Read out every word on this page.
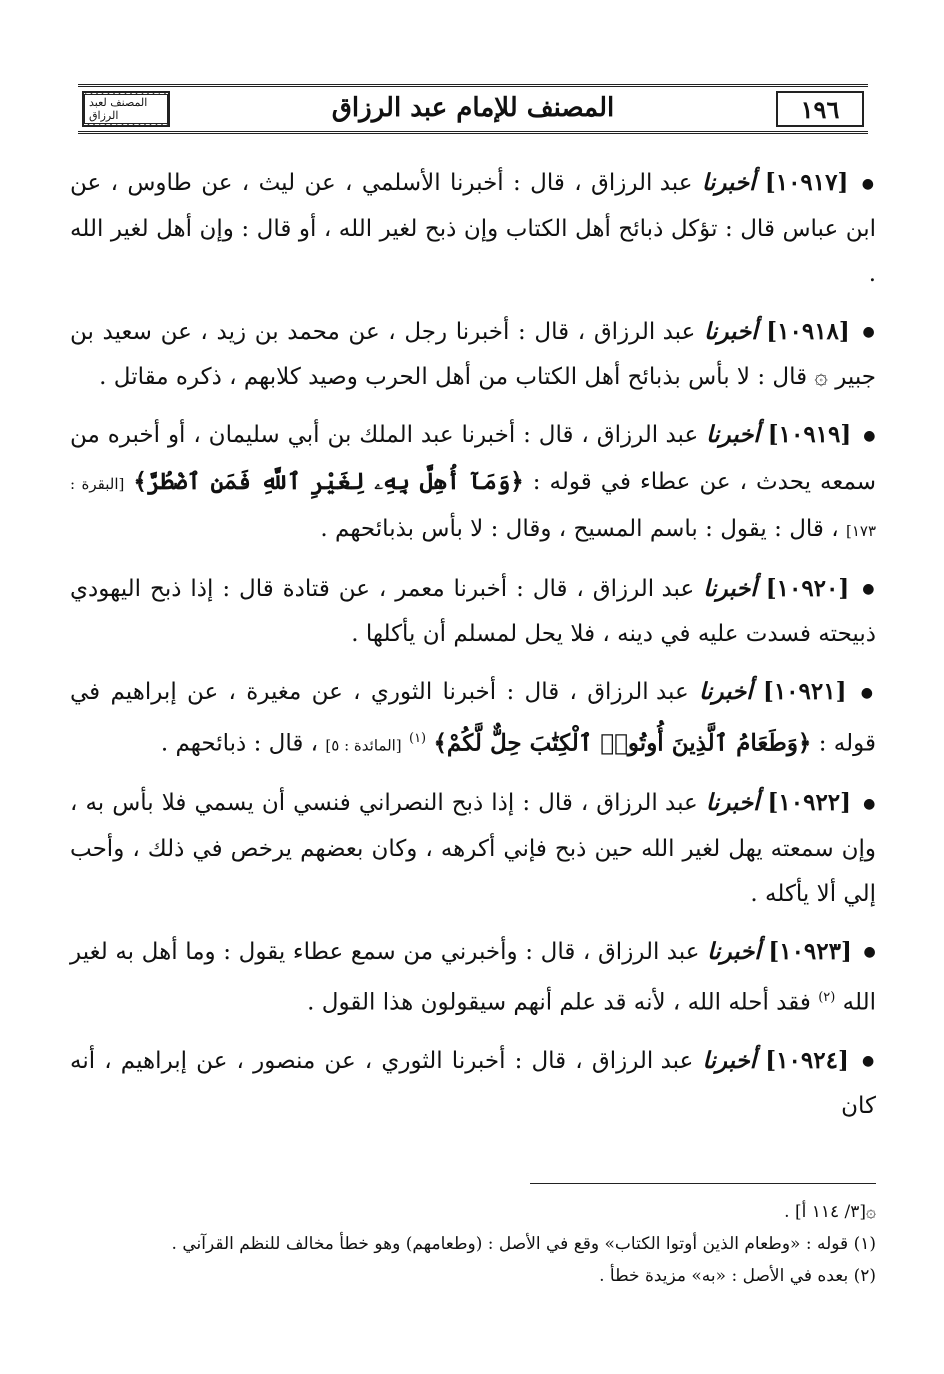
المصنف لعبد الرزاق	المصنف للإمام عبد الرزاق	١٩٦

● [١٠٩١٧] أخبرنا عبد الرزاق ، قال : أخبرنا الأسلمي ، عن ليث ، عن طاوس ، عن ابن عباس قال : تؤكل ذبائح أهل الكتاب وإن ذبح لغير الله ، أو قال : وإن أهل لغير الله .

● [١٠٩١٨] أخبرنا عبد الرزاق ، قال : أخبرنا رجل ، عن محمد بن زيد ، عن سعيد بن جبير ۞ قال : لا بأس بذبائح أهل الكتاب من أهل الحرب وصيد كلابهم ، ذكره مقاتل .

● [١٠٩١٩] أخبرنا عبد الرزاق ، قال : أخبرنا عبد الملك بن أبي سليمان ، أو أخبره من سمعه يحدث ، عن عطاء في قوله : ﴿وَمَآ أُهِلَّ بِهِۦ لِغَيْرِ ٱللَّهِ فَمَنِ ٱضْطُرَّ﴾ [البقرة : ١٧٣] ، قال : يقول : باسم المسيح ، وقال : لا بأس بذبائحهم .

● [١٠٩٢٠] أخبرنا عبد الرزاق ، قال : أخبرنا معمر ، عن قتادة قال : إذا ذبح اليهودي ذبيحته فسدت عليه في دينه ، فلا يحل لمسلم أن يأكلها .

● [١٠٩٢١] أخبرنا عبد الرزاق ، قال : أخبرنا الثوري ، عن مغيرة ، عن إبراهيم في قوله : ﴿وَطَعَامُ ٱلَّذِينَ أُوتُوا۟ ٱلْكِتَٰبَ حِلٌّ لَّكُمْ﴾ $^{(١)}$ [المائدة : ٥] ، قال : ذبائحهم .

● [١٠٩٢٢] أخبرنا عبد الرزاق ، قال : إذا ذبح النصراني فنسي أن يسمي فلا بأس به ، وإن سمعته يهل لغير الله حين ذبح فإني أكرهه ، وكان بعضهم يرخص في ذلك ، وأحب إلي ألا يأكله .

● [١٠٩٢٣] أخبرنا عبد الرزاق ، قال : وأخبرني من سمع عطاء يقول : وما أهل به لغير الله $^{(٢)}$ فقد أحله الله ، لأنه قد علم أنهم سيقولون هذا القول .

● [١٠٩٢٤] أخبرنا عبد الرزاق ، قال : أخبرنا الثوري ، عن منصور ، عن إبراهيم ، أنه كان

۞[٣/ ١١٤ أ] .

(١) قوله : «وطعام الذين أوتوا الكتاب» وقع في الأصل : (وطعامهم) وهو خطأ مخالف للنظم القرآني .

(٢) بعده في الأصل : «به» مزيدة خطأ .
